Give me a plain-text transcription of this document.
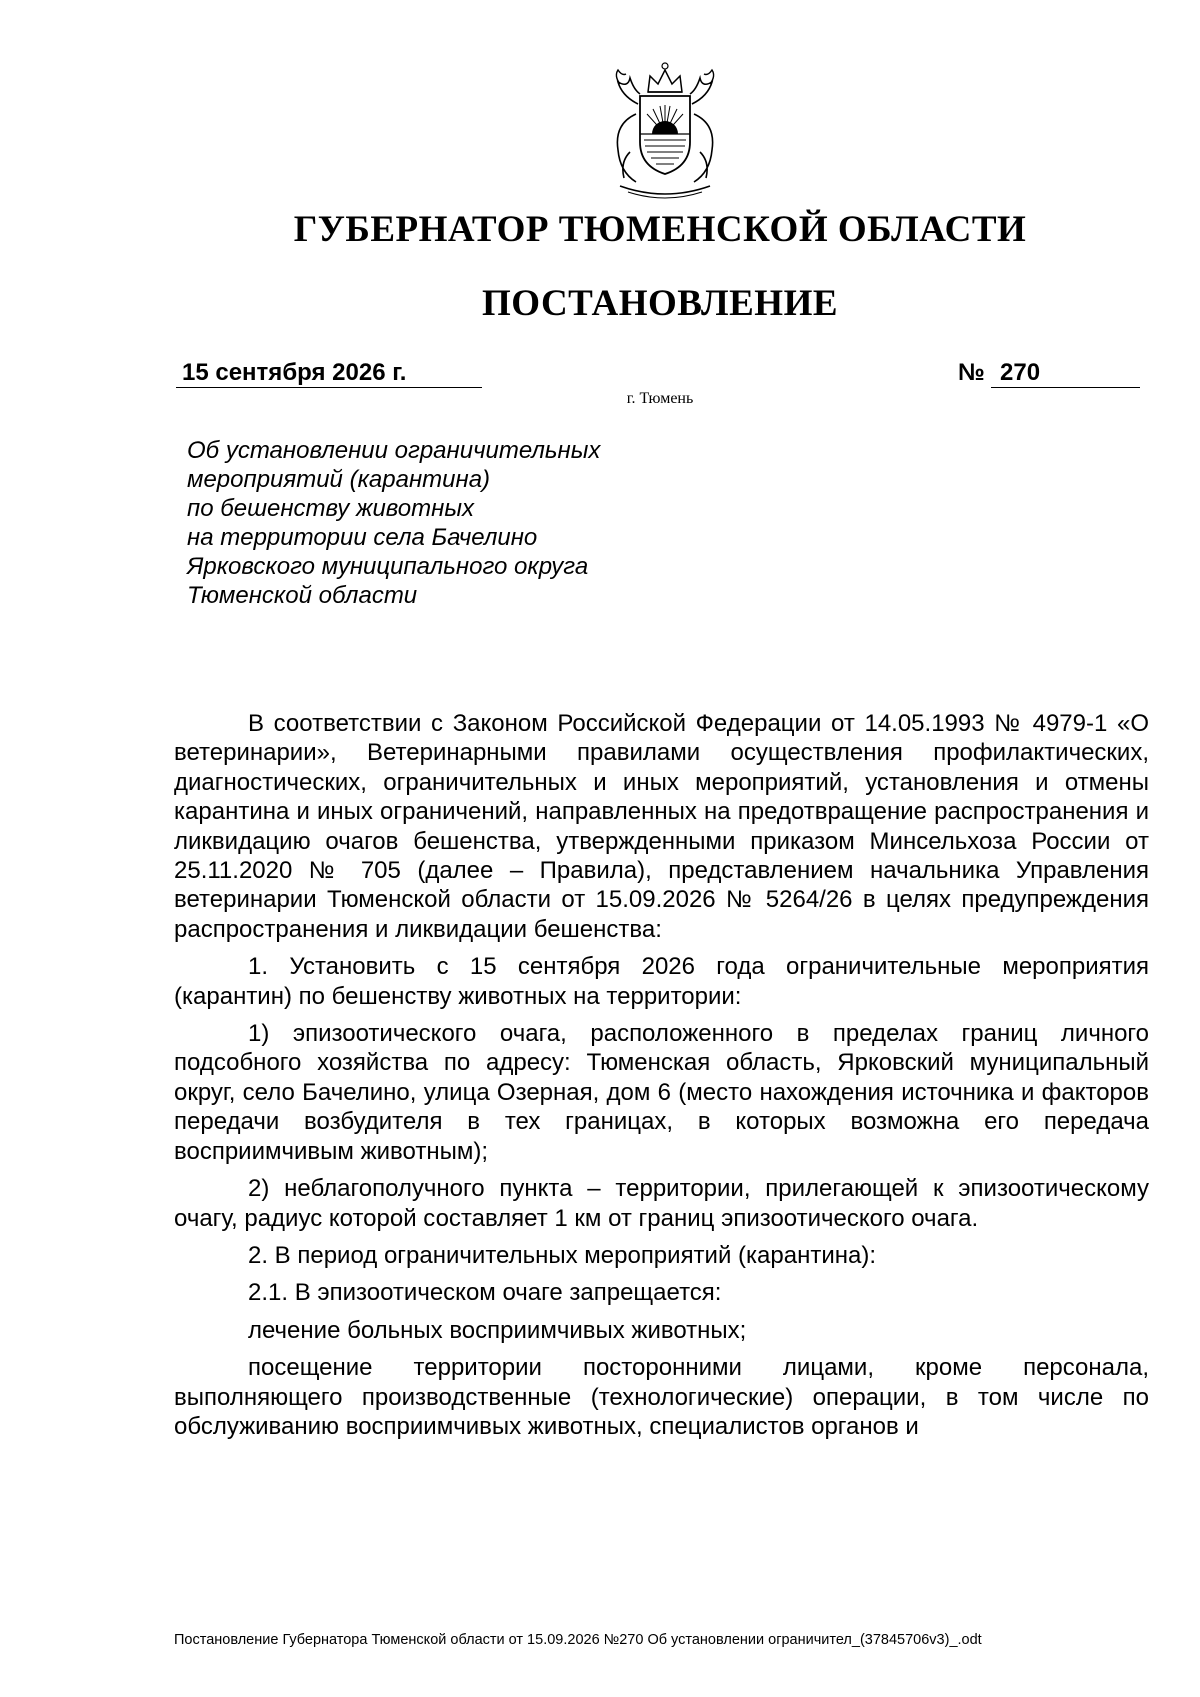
ГУБЕРНАТОР ТЮМЕНСКОЙ ОБЛАСТИ
ПОСТАНОВЛЕНИЕ
15 сентября 2026 г.	№ 270
г. Тюмень
Об установлении ограничительных
мероприятий (карантина)
по бешенству животных
на территории села Бачелино
Ярковского муниципального округа
Тюменской области

В соответствии с Законом Российской Федерации от 14.05.1993 № 4979-1 «О ветеринарии», Ветеринарными правилами осуществления профилактических, диагностических, ограничительных и иных мероприятий, установления и отмены карантина и иных ограничений, направленных на предотвращение распространения и ликвидацию очагов бешенства, утвержденными приказом Минсельхоза России от 25.11.2020 № 705 (далее – Правила), представлением начальника Управления ветеринарии Тюменской области от 15.09.2026 № 5264/26 в целях предупреждения распространения и ликвидации бешенства:

1. Установить с 15 сентября 2026 года ограничительные мероприятия (карантин) по бешенству животных на территории:

1) эпизоотического очага, расположенного в пределах границ личного подсобного хозяйства по адресу: Тюменская область, Ярковский муниципальный округ, село Бачелино, улица Озерная, дом 6 (место нахождения источника и факторов передачи возбудителя в тех границах, в которых возможна его передача восприимчивым животным);

2) неблагополучного пункта – территории, прилегающей к эпизоотическому очагу, радиус которой составляет 1 км от границ эпизоотического очага.

2. В период ограничительных мероприятий (карантина):

2.1. В эпизоотическом очаге запрещается:

лечение больных восприимчивых животных;

посещение территории посторонними лицами, кроме персонала, выполняющего производственные (технологические) операции, в том числе по обслуживанию восприимчивых животных, специалистов органов и

Постановление Губернатора Тюменской области от 15.09.2026 №270 Об установлении ограничител_(37845706v3)_.odt
